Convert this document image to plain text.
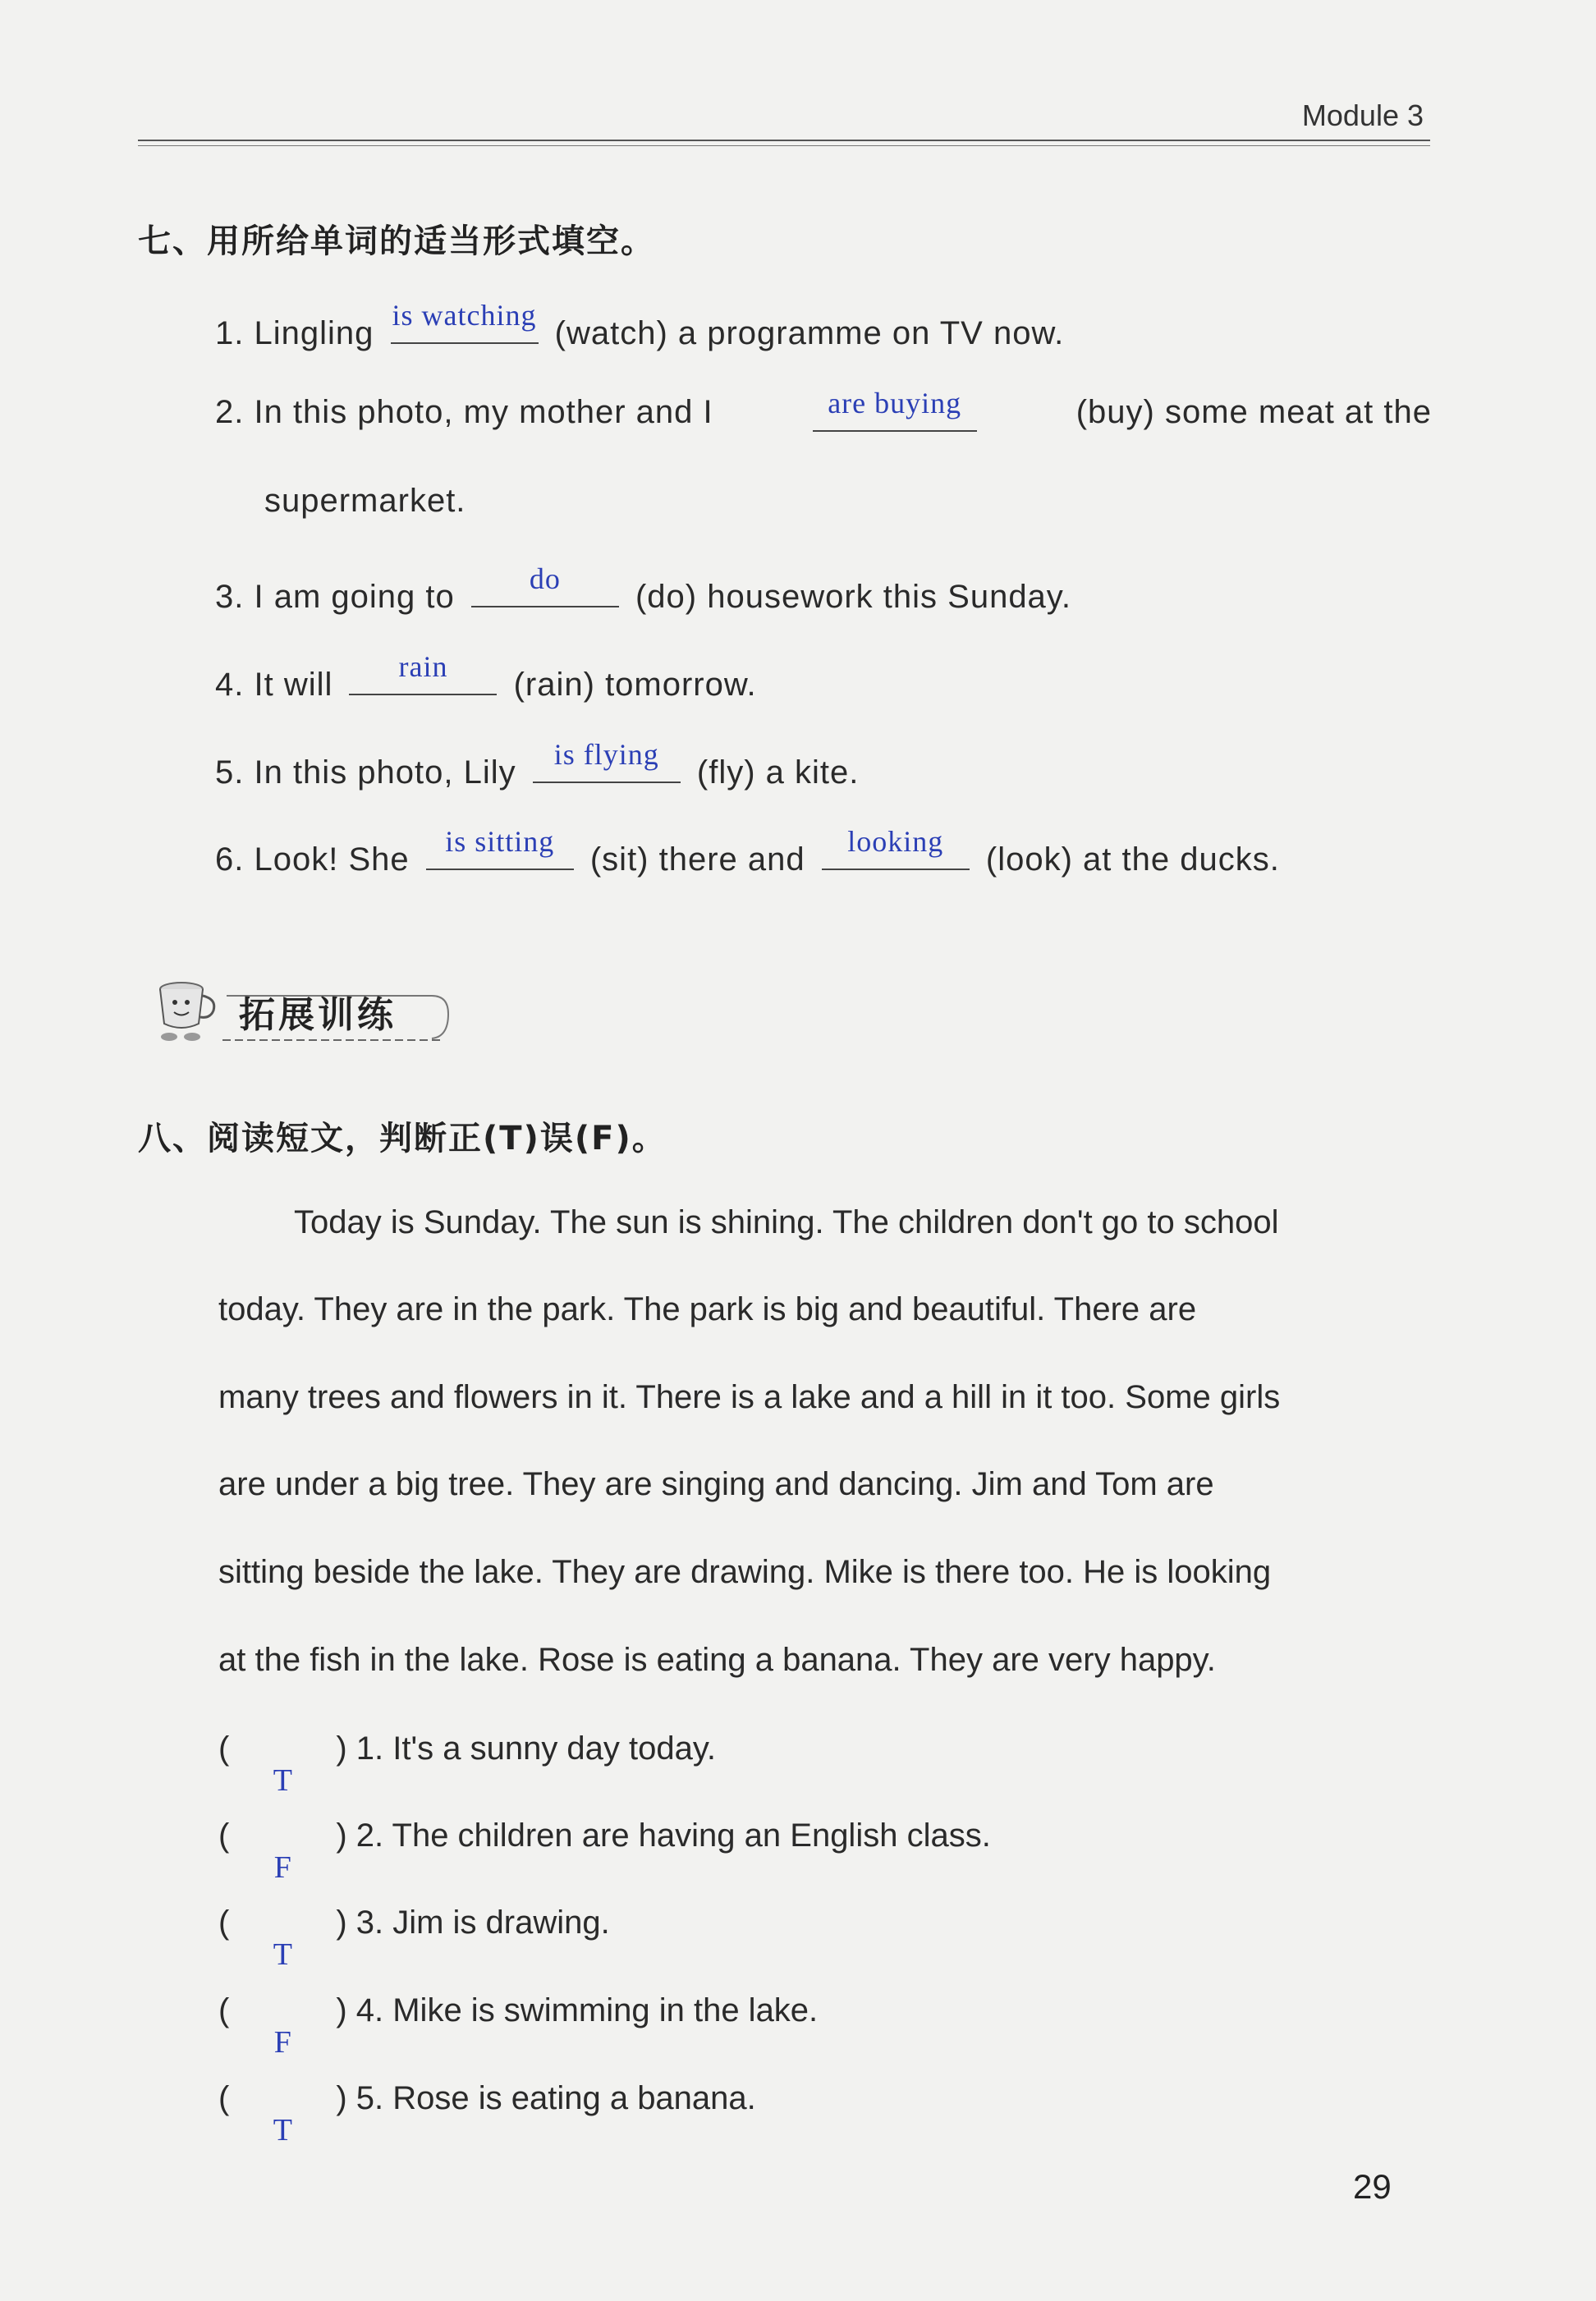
Module 3
七、用所给单词的适当形式填空。
1. Lingling is watching (watch) a programme on TV now.
2. In this photo, my mother and I	are buying	(buy) some meat at the
supermarket.
3. I am going to	do	(do) housework this Sunday.
4. It will	rain	(rain) tomorrow.
5. In this photo, Lily	is flying	(fly) a kite.
6. Look! She	is sitting	(sit) there and	looking	(look) at the ducks.
拓展训练
八、阅读短文，判断正(T)误(F)。
Today is Sunday. The sun is shining. The children don't go to school
today. They are in the park. The park is big and beautiful. There are
many trees and flowers in it. There is a lake and a hill in it too. Some girls
are under a big tree. They are singing and dancing. Jim and Tom are
sitting beside the lake. They are drawing. Mike is there too. He is looking
at the fish in the lake. Rose is eating a banana. They are very happy.
(
T
) 1. It's a sunny day today.
(
F
) 2. The children are having an English class.
(
T
) 3. Jim is drawing.
(
F
) 4. Mike is swimming in the lake.
(
T
) 5. Rose is eating a banana.
29
